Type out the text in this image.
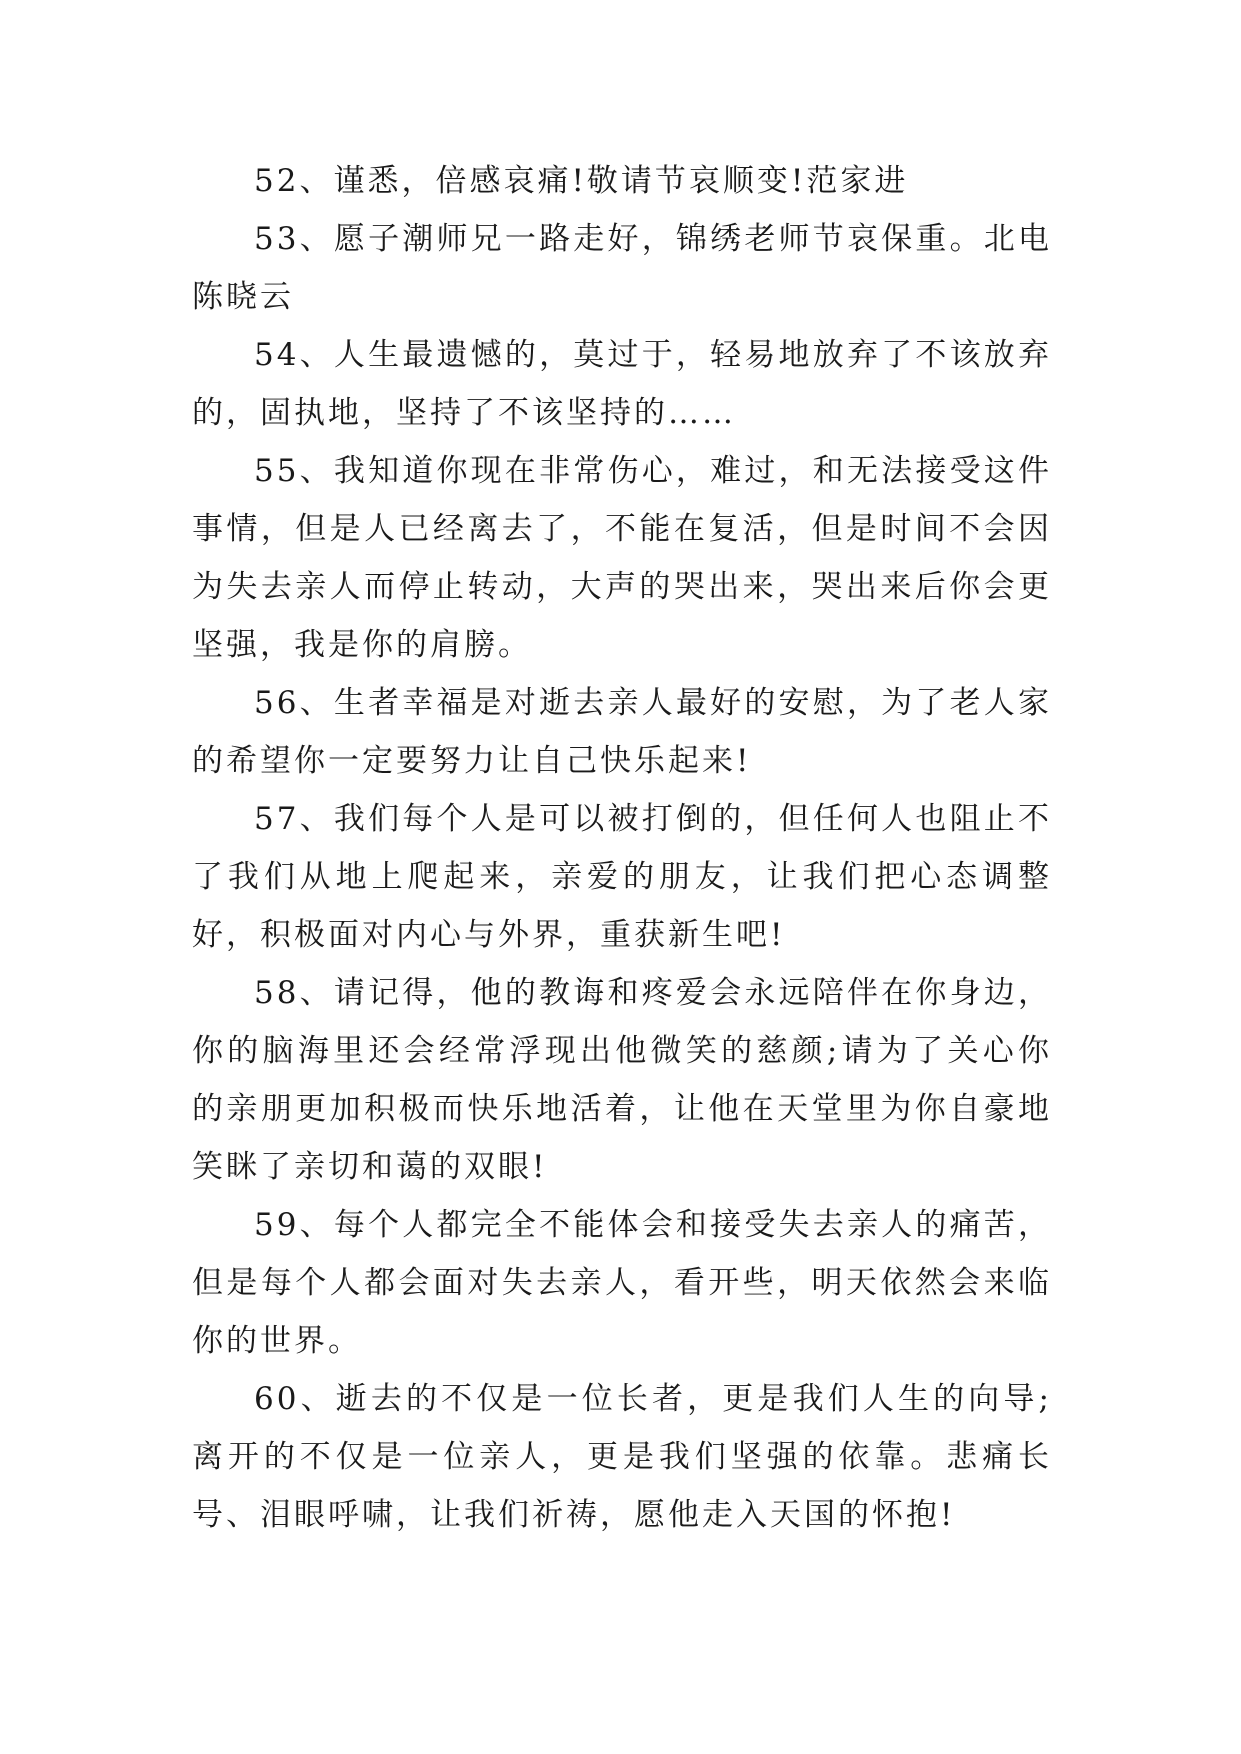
52、谨悉，倍感哀痛!敬请节哀顺变!范家进

53、愿子潮师兄一路走好，锦绣老师节哀保重。北电陈晓云

54、人生最遗憾的，莫过于，轻易地放弃了不该放弃的，固执地，坚持了不该坚持的……

55、我知道你现在非常伤心，难过，和无法接受这件事情，但是人已经离去了，不能在复活，但是时间不会因为失去亲人而停止转动，大声的哭出来，哭出来后你会更坚强，我是你的肩膀。

56、生者幸福是对逝去亲人最好的安慰，为了老人家的希望你一定要努力让自己快乐起来!

57、我们每个人是可以被打倒的，但任何人也阻止不了我们从地上爬起来，亲爱的朋友，让我们把心态调整好，积极面对内心与外界，重获新生吧!

58、请记得，他的教诲和疼爱会永远陪伴在你身边，你的脑海里还会经常浮现出他微笑的慈颜;请为了关心你的亲朋更加积极而快乐地活着，让他在天堂里为你自豪地笑眯了亲切和蔼的双眼!

59、每个人都完全不能体会和接受失去亲人的痛苦，但是每个人都会面对失去亲人，看开些，明天依然会来临你的世界。

60、逝去的不仅是一位长者，更是我们人生的向导;离开的不仅是一位亲人，更是我们坚强的依靠。悲痛长号、泪眼呼啸，让我们祈祷，愿他走入天国的怀抱!
